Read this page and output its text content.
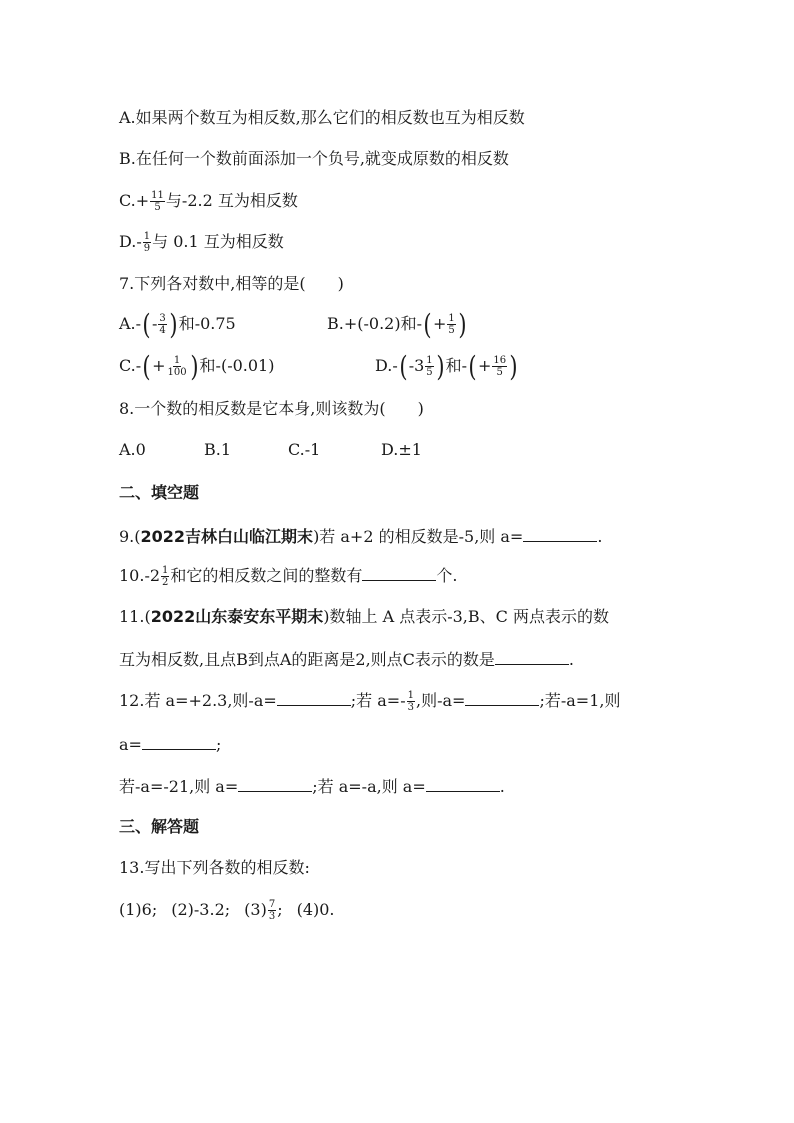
A.如果两个数互为相反数,那么它们的相反数也互为相反数
B.在任何一个数前面添加一个负号,就变成原数的相反数
$C.+ \frac{11}{5}$ 与-2.2 互为相反数
$D.- \frac{1}{9}$ 与 0.1 互为相反数
7.下列各对数中,相等的是(　　)
$A.-(- \frac{3}{4}$ )和-0.75	B.+(-0.2)和-(+ $\frac{1}{5}$ )
$C.-(+ \frac{1}{100}$ )和-(-0.01)	$D.-(-3 \frac{1}{5}$ )和-(+ $\frac{16}{5}$ )
8.一个数的相反数是它本身,则该数为(　　)
A.0	B.1	C.-1	D.±1
二、填空题
9.(2022吉林白山临江期末)若 a+2 的相反数是-5,则 a=	.
$10.-2 \frac{1}{2}$ 和它的相反数之间的整数有	个.
11.(2022山东泰安东平期末)数轴上 A 点表示-3,B、C 两点表示的数
互为相反数,且点B到点A的距离是2,则点C表示的数是	.
12.若 a=+2.3,则-a=	;若 $a=- \frac{1}{3}$ ,则-a=	;若-a=1,则
a=	;
若-a=-21,则 a=	;若 a=-a,则 a=	.
三、解答题
13.写出下列各数的相反数:
(1)6; (2)-3.2; $(3) \frac{7}{3}$ ; (4)0.
